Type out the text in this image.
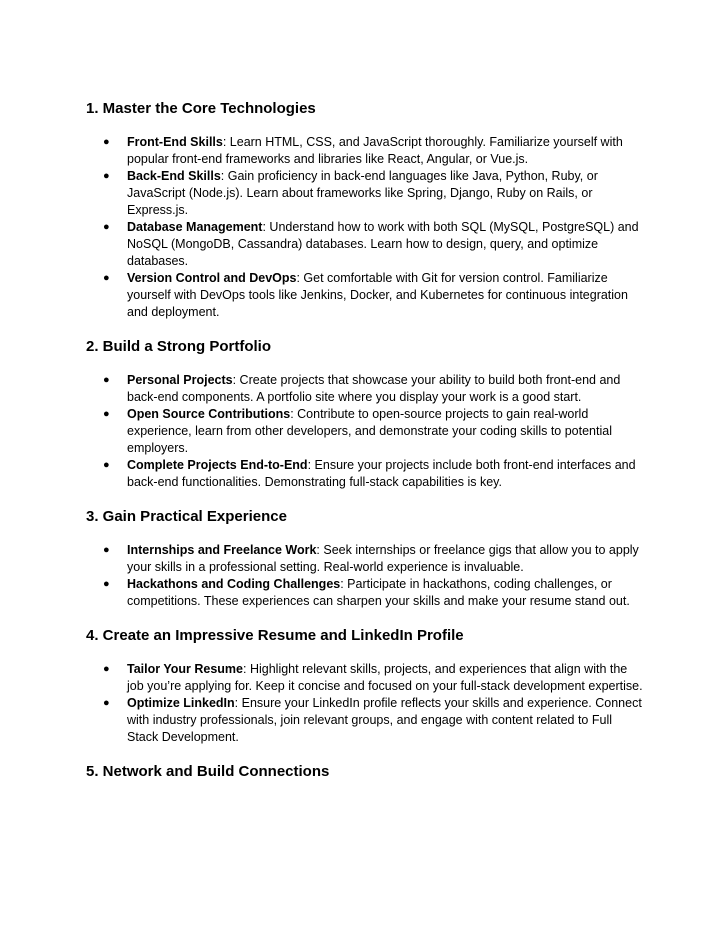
1. Master the Core Technologies
● Front-End Skills: Learn HTML, CSS, and JavaScript thoroughly. Familiarize yourself with popular front-end frameworks and libraries like React, Angular, or Vue.js.
● Back-End Skills: Gain proficiency in back-end languages like Java, Python, Ruby, or JavaScript (Node.js). Learn about frameworks like Spring, Django, Ruby on Rails, or Express.js.
● Database Management: Understand how to work with both SQL (MySQL, PostgreSQL) and NoSQL (MongoDB, Cassandra) databases. Learn how to design, query, and optimize databases.
● Version Control and DevOps: Get comfortable with Git for version control. Familiarize yourself with DevOps tools like Jenkins, Docker, and Kubernetes for continuous integration and deployment.
2. Build a Strong Portfolio
● Personal Projects: Create projects that showcase your ability to build both front-end and back-end components. A portfolio site where you display your work is a good start.
● Open Source Contributions: Contribute to open-source projects to gain real-world experience, learn from other developers, and demonstrate your coding skills to potential employers.
● Complete Projects End-to-End: Ensure your projects include both front-end interfaces and back-end functionalities. Demonstrating full-stack capabilities is key.
3. Gain Practical Experience
● Internships and Freelance Work: Seek internships or freelance gigs that allow you to apply your skills in a professional setting. Real-world experience is invaluable.
● Hackathons and Coding Challenges: Participate in hackathons, coding challenges, or competitions. These experiences can sharpen your skills and make your resume stand out.
4. Create an Impressive Resume and LinkedIn Profile
● Tailor Your Resume: Highlight relevant skills, projects, and experiences that align with the job you’re applying for. Keep it concise and focused on your full-stack development expertise.
● Optimize LinkedIn: Ensure your LinkedIn profile reflects your skills and experience. Connect with industry professionals, join relevant groups, and engage with content related to Full Stack Development.
5. Network and Build Connections
